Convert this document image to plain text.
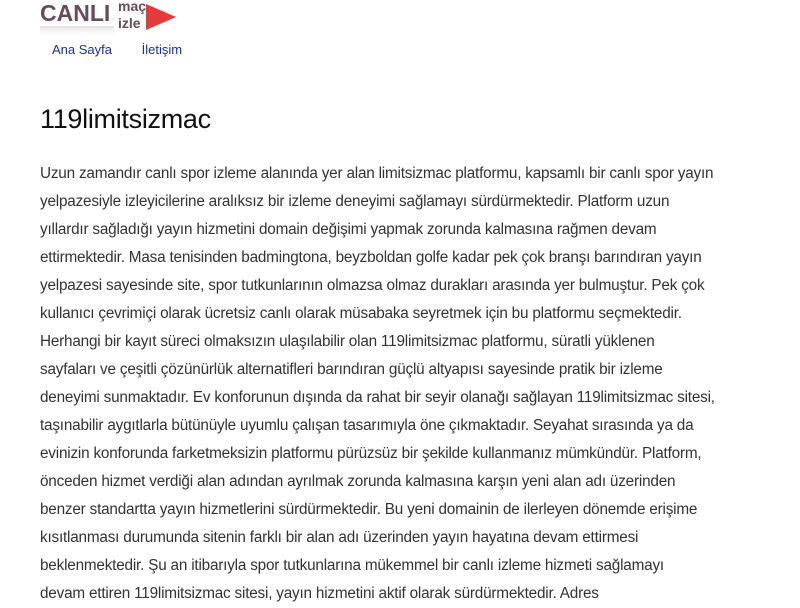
CANLI maç
izle
Ana Sayfa İletişim
119limitsizmac
Uzun zamandır canlı spor izleme alanında yer alan limitsizmac platformu, kapsamlı bir canlı spor yayın
yelpazesiyle izleyicilerine aralıksız bir izleme deneyimi sağlamayı sürdürmektedir. Platform uzun
yıllardır sağladığı yayın hizmetini domain değişimi yapmak zorunda kalmasına rağmen devam
ettirmektedir. Masa tenisinden badmingtona, beyzboldan golfe kadar pek çok branşı barındıran yayın
yelpazesi sayesinde site, spor tutkunlarının olmazsa olmaz durakları arasında yer bulmuştur. Pek çok
kullanıcı çevrimiçi olarak ücretsiz canlı olarak müsabaka seyretmek için bu platformu seçmektedir.
Herhangi bir kayıt süreci olmaksızın ulaşılabilir olan 119limitsizmac platformu, süratli yüklenen
sayfaları ve çeşitli çözünürlük alternatifleri barındıran güçlü altyapısı sayesinde pratik bir izleme
deneyimi sunmaktadır. Ev konforunun dışında da rahat bir seyir olanağı sağlayan 119limitsizmac sitesi,
taşınabilir aygıtlarla bütünüyle uyumlu çalışan tasarımıyla öne çıkmaktadır. Seyahat sırasında ya da
evinizin konforunda farketmeksizin platformu pürüzsüz bir şekilde kullanmanız mümkündür. Platform,
önceden hizmet verdiği alan adından ayrılmak zorunda kalmasına karşın yeni alan adı üzerinden
benzer standartta yayın hizmetlerini sürdürmektedir. Bu yeni domainin de ilerleyen dönemde erişime
kısıtlanması durumunda sitenin farklı bir alan adı üzerinden yayın hayatına devam ettirmesi
beklenmektedir. Şu an itibarıyla spor tutkunlarına mükemmel bir canlı izleme hizmeti sağlamayı
devam ettiren 119limitsizmac sitesi, yayın hizmetini aktif olarak sürdürmektedir. Adres
